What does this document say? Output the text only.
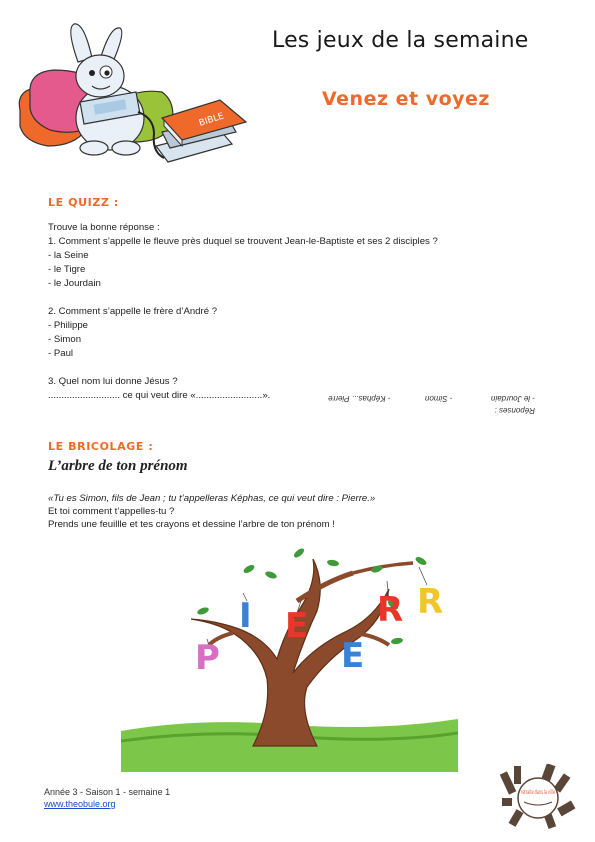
BIBLE
Les jeux de la semaine
Venez et voyez
LE QUIZZ :
Trouve la bonne réponse :
1. Comment s’appelle le fleuve près duquel se trouvent Jean-le-Baptiste et ses 2 disciples ?
- la Seine
- le Tigre
- le Jourdain
2. Comment s’appelle le frère d’André ?
- Philippe
- Simon
- Paul
3. Quel nom lui donne Jésus ?
........................... ce qui veut dire «.........................».
Réponses :
- le Jourdain  - Simon  - Képhas... Pierre
LE BRICOLAGE :
L’arbre de ton prénom
«Tu es Simon, fils de Jean ; tu t’appelleras Képhas, ce qui veut dire : Pierre.»
Et toi comment t’appelles-tu ?
Prends une feuillle et tes crayons et dessine l’arbre de ton prénom !
P
I E R R
E
Année 3 - Saison 1 - semaine 1
www.theobule.org
retraite dans la ville
